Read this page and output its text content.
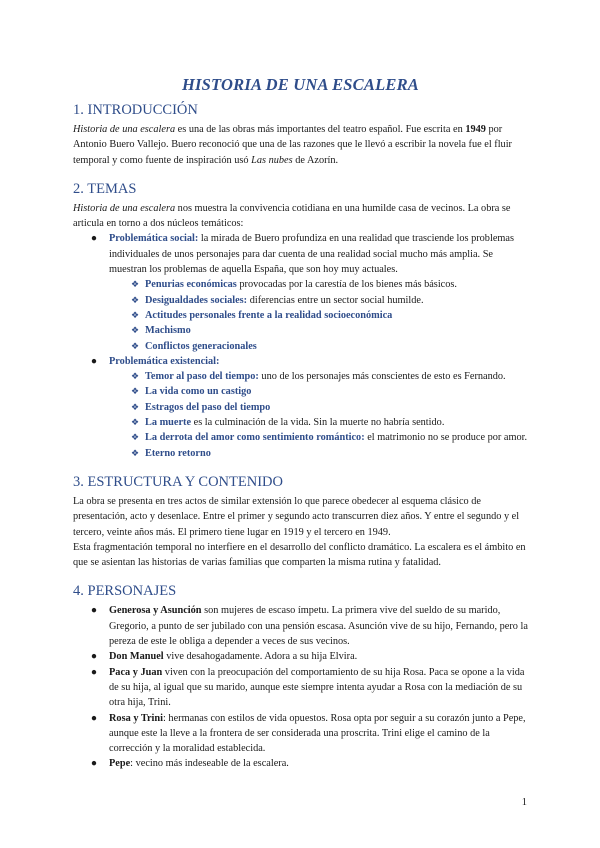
HISTORIA DE UNA ESCALERA
1. INTRODUCCIÓN

Historia de una escalera es una de las obras más importantes del teatro español. Fue escrita en 1949 por Antonio Buero Vallejo. Buero reconoció que una de las razones que le llevó a escribir la novela fue el fluir temporal y como fuente de inspiración usó Las nubes de Azorín.

2. TEMAS

Historia de una escalera nos muestra la convivencia cotidiana en una humilde casa de vecinos. La obra se articula en torno a dos núcleos temáticos:

● Problemática social: la mirada de Buero profundiza en una realidad que trasciende los problemas individuales de unos personajes para dar cuenta de una realidad social mucho más amplia. Se muestran los problemas de aquella España, que son hoy muy actuales.
❖ Penurias económicas provocadas por la carestía de los bienes más básicos.
❖ Desigualdades sociales: diferencias entre un sector social humilde.
❖ Actitudes personales frente a la realidad socioeconómica
❖ Machismo
❖ Conflictos generacionales
● Problemática existencial:
❖ Temor al paso del tiempo: uno de los personajes más conscientes de esto es Fernando.
❖ La vida como un castigo
❖ Estragos del paso del tiempo
❖ La muerte es la culminación de la vida. Sin la muerte no habría sentido.
❖ La derrota del amor como sentimiento romántico: el matrimonio no se produce por amor.
❖ Eterno retorno
3. ESTRUCTURA Y CONTENIDO

La obra se presenta en tres actos de similar extensión lo que parece obedecer al esquema clásico de presentación, acto y desenlace. Entre el primer y segundo acto transcurren diez años. Y entre el segundo y el tercero, veinte años más. El primero tiene lugar en 1919 y el tercero en 1949.

Esta fragmentación temporal no interfiere en el desarrollo del conflicto dramático. La escalera es el ámbito en que se asientan las historias de varias familias que comparten la misma rutina y fatalidad.

4. PERSONAJES
● Generosa y Asunción son mujeres de escaso ímpetu. La primera vive del sueldo de su marido, Gregorio, a punto de ser jubilado con una pensión escasa. Asunción vive de su hijo, Fernando, pero la pereza de este le obliga a depender a veces de sus vecinos.
● Don Manuel vive desahogadamente. Adora a su hija Elvira.
● Paca y Juan viven con la preocupación del comportamiento de su hija Rosa. Paca se opone a la vida de su hija, al igual que su marido, aunque este siempre intenta ayudar a Rosa con la mediación de su otra hija, Trini.
● Rosa y Trini: hermanas con estilos de vida opuestos. Rosa opta por seguir a su corazón junto a Pepe, aunque este la lleve a la frontera de ser considerada una proscrita. Trini elige el camino de la corrección y la moralidad establecida.
● Pepe: vecino más indeseable de la escalera.
1
